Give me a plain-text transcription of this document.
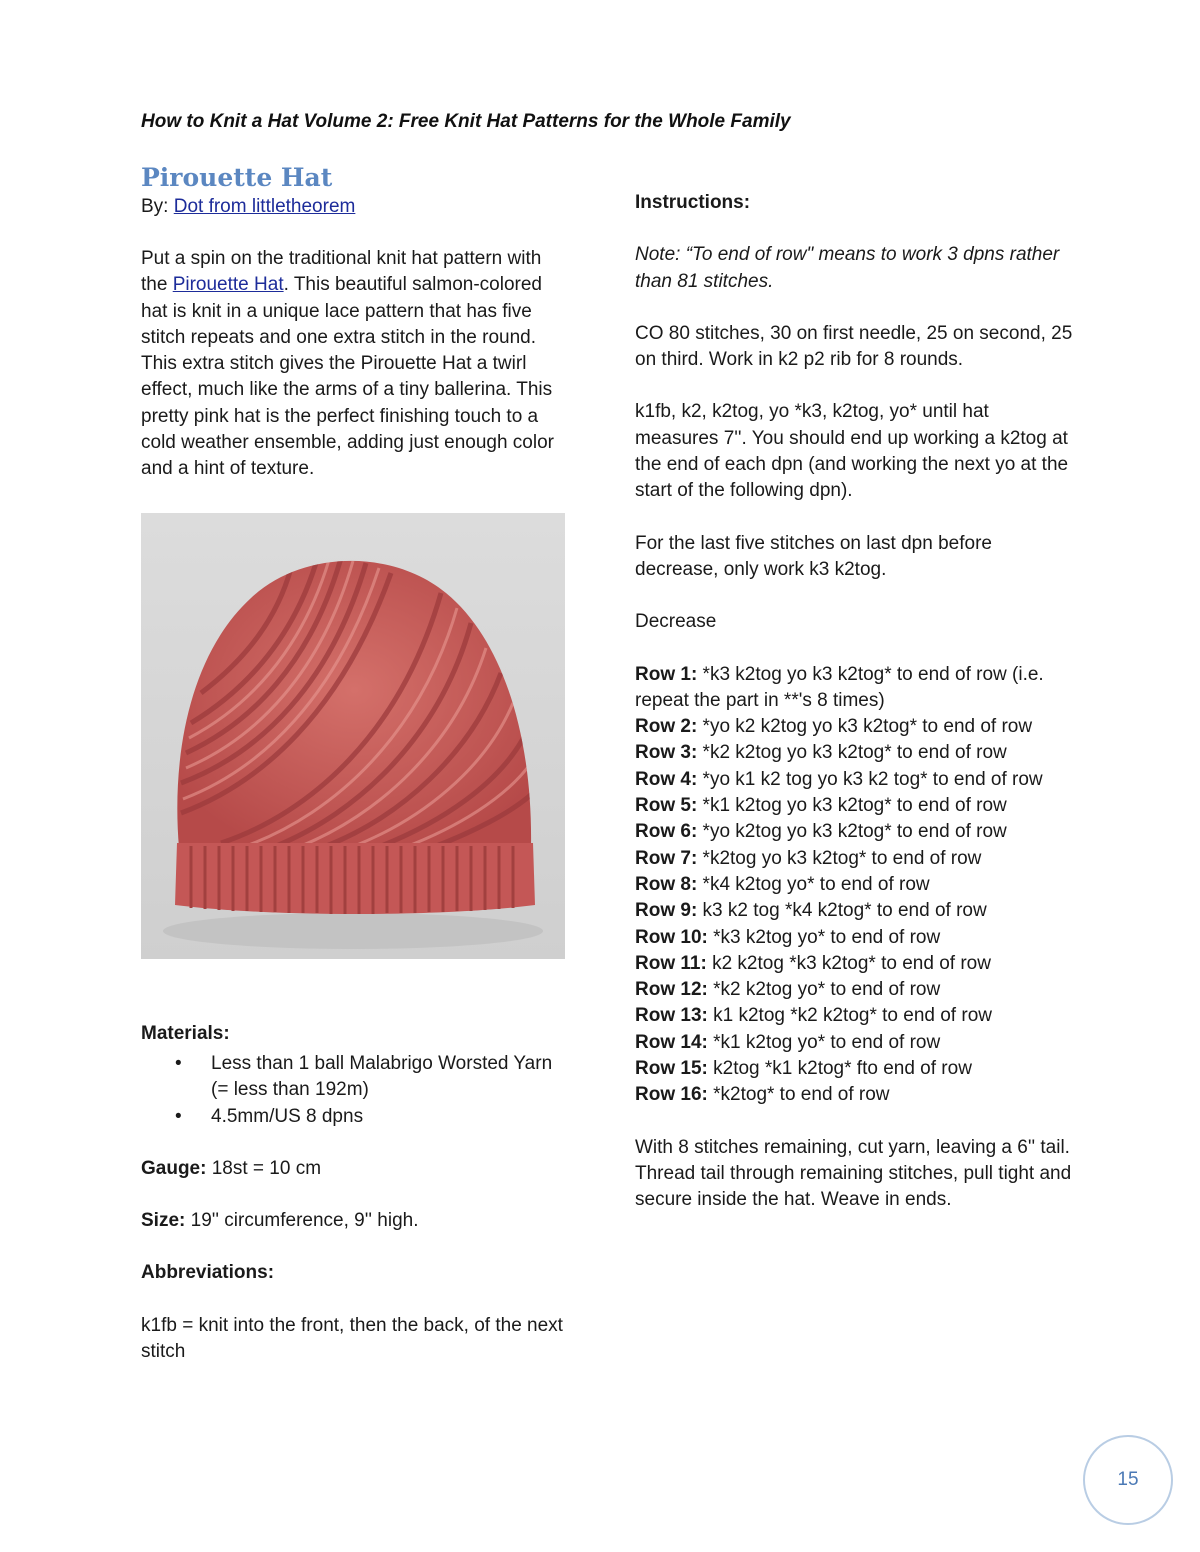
How to Knit a Hat Volume 2: Free Knit Hat Patterns for the Whole Family
Pirouette Hat

By: Dot from littletheorem

Put a spin on the traditional knit hat pattern with the Pirouette Hat. This beautiful salmon-colored hat is knit in a unique lace pattern that has five stitch repeats and one extra stitch in the round. This extra stitch gives the Pirouette Hat a twirl effect, much like the arms of a tiny ballerina. This pretty pink hat is the perfect finishing touch to a cold weather ensemble, adding just enough color and a hint of texture.

Materials:

• Less than 1 ball Malabrigo Worsted Yarn (= less than 192m)
• 4.5mm/US 8 dpns

Gauge: 18st = 10 cm

Size: 19'' circumference, 9'' high.

Abbreviations:

k1fb = knit into the front, then the back, of the next stitch

Instructions:

Note: “To end of row" means to work 3 dpns rather than 81 stitches.

CO 80 stitches, 30 on first needle, 25 on second, 25 on third. Work in k2 p2 rib for 8 rounds.

k1fb, k2, k2tog, yo *k3, k2tog, yo* until hat measures 7''. You should end up working a k2tog at the end of each dpn (and working the next yo at the start of the following dpn).

For the last five stitches on last dpn before decrease, only work k3 k2tog.

Decrease

Row 1: *k3 k2tog yo k3 k2tog* to end of row (i.e. repeat the part in **'s 8 times)
Row 2: *yo k2 k2tog yo k3 k2tog* to end of row
Row 3: *k2 k2tog yo k3 k2tog* to end of row
Row 4: *yo k1 k2 tog yo k3 k2 tog* to end of row
Row 5: *k1 k2tog yo k3 k2tog* to end of row
Row 6: *yo k2tog yo k3 k2tog* to end of row
Row 7: *k2tog yo k3 k2tog* to end of row
Row 8: *k4 k2tog yo* to end of row
Row 9: k3 k2 tog *k4 k2tog* to end of row
Row 10: *k3 k2tog yo* to end of row
Row 11: k2 k2tog *k3 k2tog* to end of row
Row 12: *k2 k2tog yo* to end of row
Row 13: k1 k2tog *k2 k2tog* to end of row
Row 14: *k1 k2tog yo* to end of row
Row 15: k2tog *k1 k2tog* fto end of row
Row 16: *k2tog* to end of row

With 8 stitches remaining, cut yarn, leaving a 6'' tail. Thread tail through remaining stitches, pull tight and secure inside the hat. Weave in ends.

15
